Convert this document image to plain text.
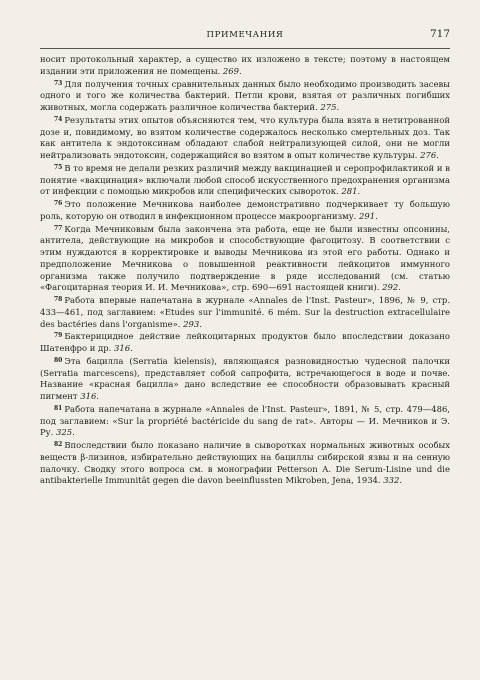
ПРИМЕЧАНИЯ	717

носит протокольный характер, а существо их изложено в тексте; поэтому в настоящем издании эти приложения не помещены. 269.

$^{73}$ Для получения точных сравнительных данных было необходимо производить засевы одного и того же количества бактерий. Петли крови, взятая от различных погибших животных, могла содержать различное количества бактерий. 275.

$^{74}$ Результаты этих опытов объясняются тем, что культура была взята в нетитрованной дозе и, повидимому, во взятом количестве содержалось несколько смертельных доз. Так как антитела к эндотоксинам обладают слабой нейтрализующей силой, они не могли нейтрализовать эндотоксин, содержащийся во взятом в опыт количестве культуры. 276.

$^{75}$ В то время не делали резких различий между вакцинацией и серопрофилактикой и в понятие «вакцинация» включали любой способ искусственного предохранения организма от инфекции с помощью микробов или специфических сывороток. 281.

$^{76}$ Это положение Мечникова наиболее демонстративно подчеркивает ту большую роль, которую он отводил в инфекционном процессе макроорганизму. 291.

$^{77}$ Когда Мечниковым была закончена эта работа, еще не были известны опсонины, антитела, действующие на микробов и способствующие фагоцитозу. В соответствии с этим нуждаются в корректировке и выводы Мечникова из этой его работы. Однако и предположение Мечникова о повышенной реактивности лейкоцитов иммунного организма также получило подтверждение в ряде исследований (см. статью «Фагоцитарная теория И. И. Мечникова», стр. 690—691 настоящей книги). 292.

$^{78}$ Работа впервые напечатана в журнале «Annales de l'Inst. Pasteur», 1896, № 9, стр. 433—461, под заглавием: «Etudes sur l'immunité. 6 mém. Sur la destruction extracellulaire des bactéries dans l'organisme». 293.

$^{79}$ Бактерицидное действие лейкоцитарных продуктов было впоследствии доказано Шатенфро и др. 316.

$^{80}$ Эта бацилла (Serratia kielensis), являющаяся разновидностью чудесной палочки (Serratia marcescens), представляет собой сапрофита, встречающегося в воде и почве. Название «красная бацилла» дано вследствие ее способности образовывать красный пигмент 316.

$^{81}$ Работа напечатана в журнале «Annales de l'Inst. Pasteur», 1891, № 5, стр. 479—486, под заглавием: «Sur la propriété bactéricide du sang de rat». Авторы — И. Мечников и Э. Ру. 325.

$^{82}$ Впоследствии было показано наличие в сыворотках нормальных животных особых веществ β-лизинов, избирательно действующих на бациллы сибирской язвы и на сенную палочку. Сводку этого вопроса см. в монографии Petterson A. Die Serum-Lisine und die antibakterielle Immunität gegen die davon beeinflussten Mikroben, Jena, 1934. 332.
